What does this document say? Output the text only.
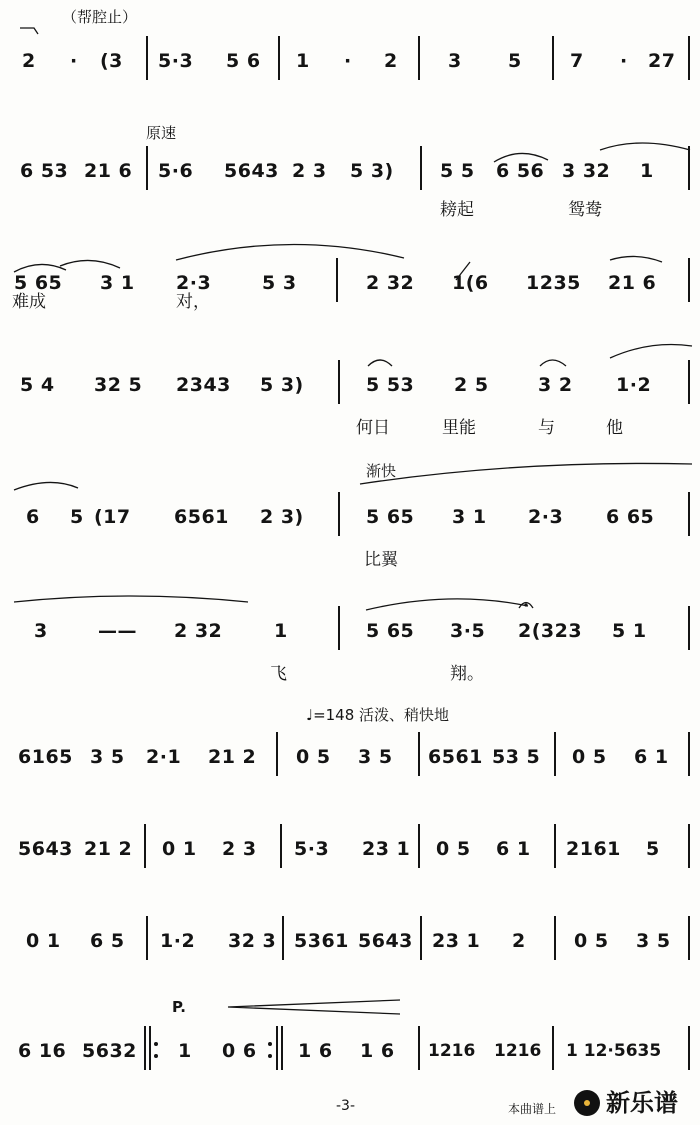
（帮腔止）
原速
渐快
♩=148 活泼、稍快地
P.
2 · (3 5·3 5 6 1 · 2	3 5	7 · 27
6 53 21 6 5·6 5643 2 3 5 3) 5 5 6 56 3 32 1
耪起	鸳鸯
5 65 3 1 2·3	5 3	2 32 1(6 1235 21 6
难成	对，
5 4 32 5 2343 5 3)	5 53 2 5	3 2 1·2
何日	里能	与	他
6 5 (17 6561 2 3)	5 65 3 1 2·3 6 65
比翼
3	—— 2 32	1	5 65 3·5 2(323 5 1
飞	翔。
6165 3 5 2·1 21 2 0 5 3 5 6561 53 5 0 5 6 1
5643 21 2 0 1 2 3 5·3 23 1 0 5 6 1 2161 5
0 1 6 5 1·2 32 3 5361 5643 23 1 2	0 5 3 5
6 16 5632 1 0 6 1 6 1 6 1216 1216 1 12·5635
-3-	本曲谱上 新乐谱
